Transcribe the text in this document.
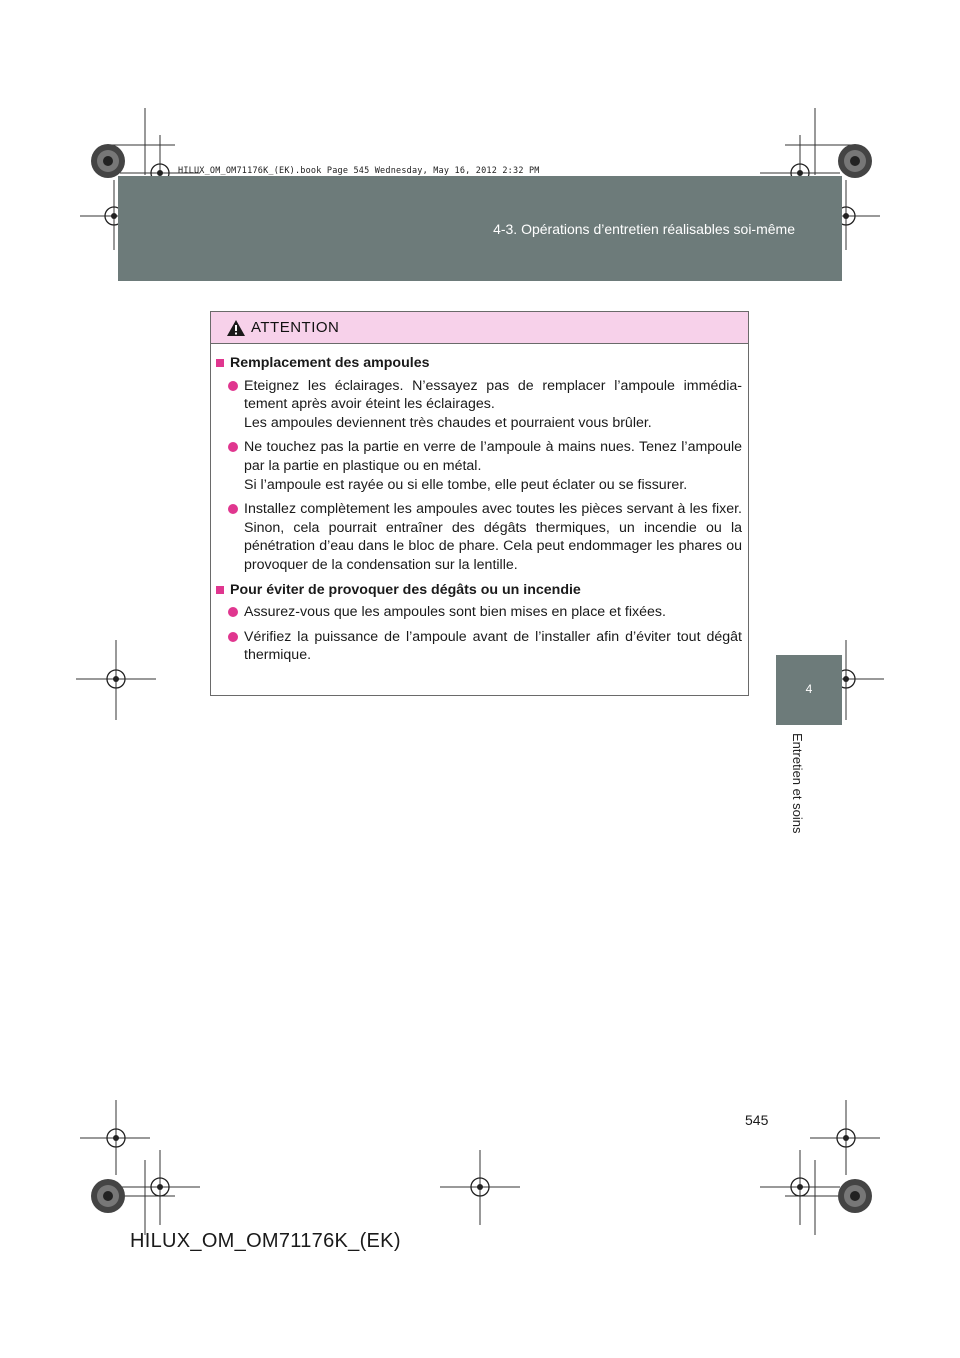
HILUX_OM_OM71176K_(EK).book Page 545 Wednesday, May 16, 2012 2:32 PM
4-3. Opérations d’entretien réalisables soi-même
4
Entretien et soins
ATTENTION
Remplacement des ampoules

Eteignez les éclairages. N’essayez pas de remplacer l’ampoule immédia-tement après avoir éteint les éclairages.

Les ampoules deviennent très chaudes et pourraient vous brûler.

Ne touchez pas la partie en verre de l’ampoule à mains nues. Tenez l’ampoule par la partie en plastique ou en métal.

Si l’ampoule est rayée ou si elle tombe, elle peut éclater ou se fissurer.

Installez complètement les ampoules avec toutes les pièces servant à les fixer. Sinon, cela pourrait entraîner des dégâts thermiques, un incendie ou la pénétration d’eau dans le bloc de phare. Cela peut endommager les phares ou provoquer de la condensation sur la lentille.

Pour éviter de provoquer des dégâts ou un incendie

Assurez-vous que les ampoules sont bien mises en place et fixées.

Vérifiez la puissance de l’ampoule avant de l’installer afin d’éviter tout dégât thermique.

545
HILUX_OM_OM71176K_(EK)
